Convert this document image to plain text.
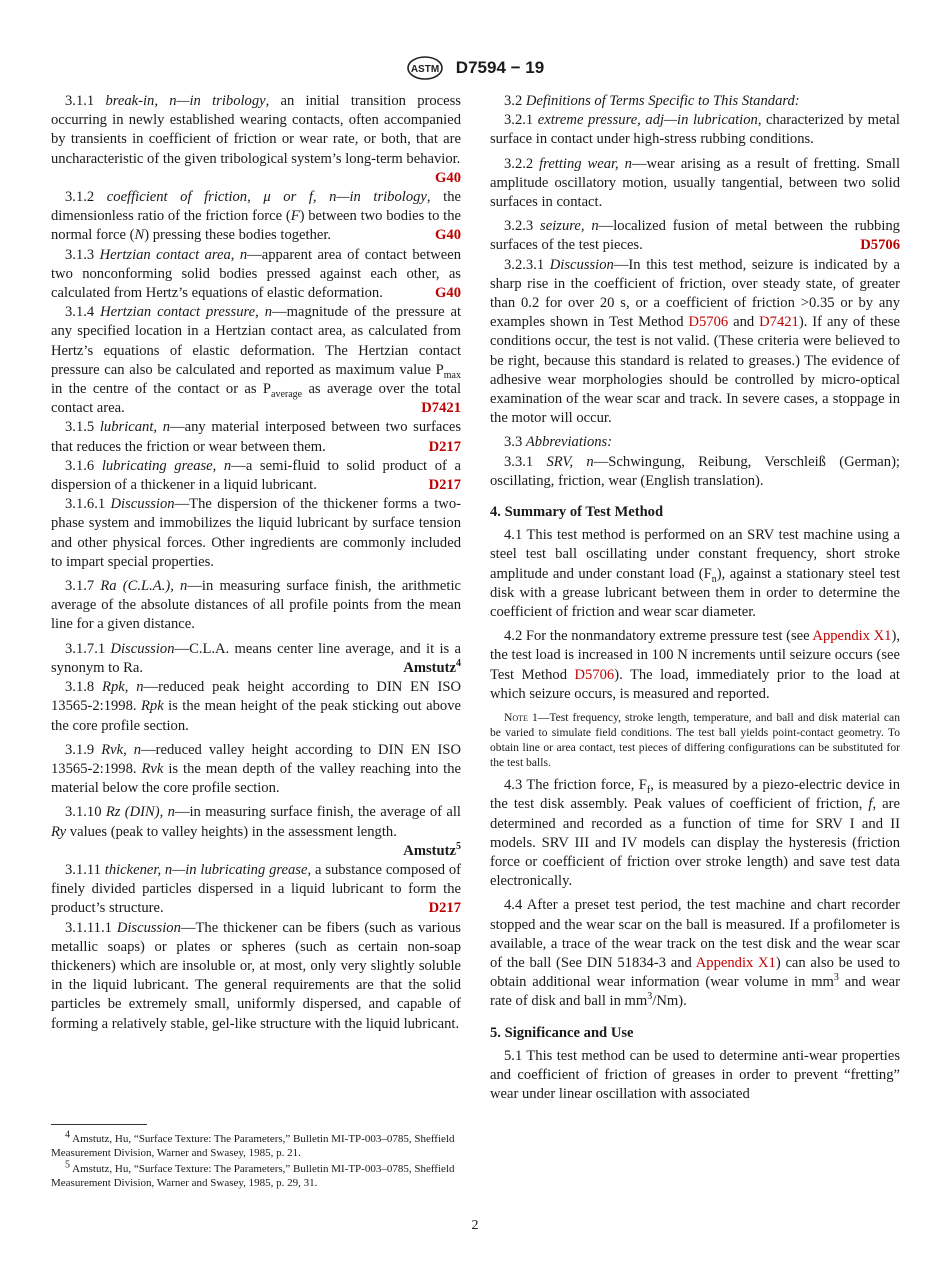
ASTM D7594 − 19

3.1.1 break-in, n—in tribology, an initial transition process occurring in newly established wearing contacts, often accompanied by transients in coefficient of friction or wear rate, or both, that are uncharacteristic of the given tribological system’s long-term behavior.
G40

3.1.2 coefficient of friction, μ or f, n—in tribology, the dimensionless ratio of the friction force (F) between two bodies to the normal force (N) pressing these bodies together.	G40

3.1.3 Hertzian contact area, n—apparent area of contact between two nonconforming solid bodies pressed against each other, as calculated from Hertz’s equations of elastic deformation.	G40

3.1.4 Hertzian contact pressure, n—magnitude of the pressure at any specified location in a Hertzian contact area, as calculated from Hertz’s equations of elastic deformation. The Hertzian contact pressure can also be calculated and reported as maximum value $P_{max}$ in the centre of the contact or as $P_{average}$ as average over the total contact area.	D7421

3.1.5 lubricant, n—any material interposed between two surfaces that reduces the friction or wear between them.	D217

3.1.6 lubricating grease, n—a semi-fluid to solid product of a dispersion of a thickener in a liquid lubricant.	D217

3.1.6.1 Discussion—The dispersion of the thickener forms a two-phase system and immobilizes the liquid lubricant by surface tension and other physical forces. Other ingredients are commonly included to impart special properties.

3.1.7 Ra (C.L.A.), n—in measuring surface finish, the arithmetic average of the absolute distances of all profile points from the mean line for a given distance.

3.1.7.1 Discussion—C.L.A. means center line average, and it is a synonym to Ra.	Amstutz$^4$

3.1.8 Rpk, n—reduced peak height according to DIN EN ISO 13565-2:1998. Rpk is the mean height of the peak sticking out above the core profile section.

3.1.9 Rvk, n—reduced valley height according to DIN EN ISO 13565-2:1998. Rvk is the mean depth of the valley reaching into the material below the core profile section.

3.1.10 Rz (DIN), n—in measuring surface finish, the average of all Ry values (peak to valley heights) in the assessment length.
Amstutz$^5$

3.1.11 thickener, n—in lubricating grease, a substance composed of finely divided particles dispersed in a liquid lubricant to form the product’s structure.	D217

3.1.11.1 Discussion—The thickener can be fibers (such as various metallic soaps) or plates or spheres (such as certain non-soap thickeners) which are insoluble or, at most, only very slightly soluble in the liquid lubricant. The general requirements are that the solid particles be extremely small, uniformly dispersed, and capable of forming a relatively stable, gel-like structure with the liquid lubricant.

3.2 Definitions of Terms Specific to This Standard:

3.2.1 extreme pressure, adj—in lubrication, characterized by metal surface in contact under high-stress rubbing conditions.

3.2.2 fretting wear, n—wear arising as a result of fretting. Small amplitude oscillatory motion, usually tangential, between two solid surfaces in contact.

3.2.3 seizure, n—localized fusion of metal between the rubbing surfaces of the test pieces.	D5706

3.2.3.1 Discussion—In this test method, seizure is indicated by a sharp rise in the coefficient of friction, over steady state, of greater than 0.2 for over 20 s, or a coefficient of friction >0.35 or by any examples shown in Test Method D5706 and D7421). If any of these conditions occur, the test is not valid. (These criteria were believed to be right, because this standard is related to greases.) The evidence of adhesive wear morphologies should be controlled by micro-optical examination of the wear scar and track. In severe cases, a stoppage in the motor will occur.

3.3 Abbreviations:

3.3.1 SRV, n—Schwingung, Reibung, Verschleiß (German); oscillating, friction, wear (English translation).

4. Summary of Test Method

4.1 This test method is performed on an SRV test machine using a steel test ball oscillating under constant frequency, short stroke amplitude and under constant load $(F_n)$, against a stationary steel test disk with a grease lubricant between them in order to determine the coefficient of friction and wear scar diameter.

4.2 For the nonmandatory extreme pressure test (see Appendix X1), the test load is increased in 100 N increments until seizure occurs (see Test Method D5706). The load, immediately prior to the load at which seizure occurs, is measured and reported.

Note 1—Test frequency, stroke length, temperature, and ball and disk material can be varied to simulate field conditions. The test ball yields point-contact geometry. To obtain line or area contact, test pieces of differing configurations can be substituted for the test balls.

4.3 The friction force, $F_f$, is measured by a piezo-electric device in the test disk assembly. Peak values of coefficient of friction, f, are determined and recorded as a function of time for SRV I and II models. SRV III and IV models can display the hysteresis (friction force or coefficient of friction over stroke length) and save test data electronically.

4.4 After a preset test period, the test machine and chart recorder stopped and the wear scar on the ball is measured. If a profilometer is available, a trace of the wear track on the test disk and the wear scar of the ball (See DIN 51834-3 and Appendix X1) can also be used to obtain additional wear information (wear volume in $mm^3$ and wear rate of disk and ball in $mm^3/Nm$).

5. Significance and Use

5.1 This test method can be used to determine anti-wear properties and coefficient of friction of greases in order to prevent “fretting” wear under linear oscillation with associated

$^4$ Amstutz, Hu, “Surface Texture: The Parameters,” Bulletin MI-TP-003–0785, Sheffield Measurement Division, Warner and Swasey, 1985, p. 21.

$^5$ Amstutz, Hu, “Surface Texture: The Parameters,” Bulletin MI-TP-003–0785, Sheffield Measurement Division, Warner and Swasey, 1985, p. 29, 31.

2
